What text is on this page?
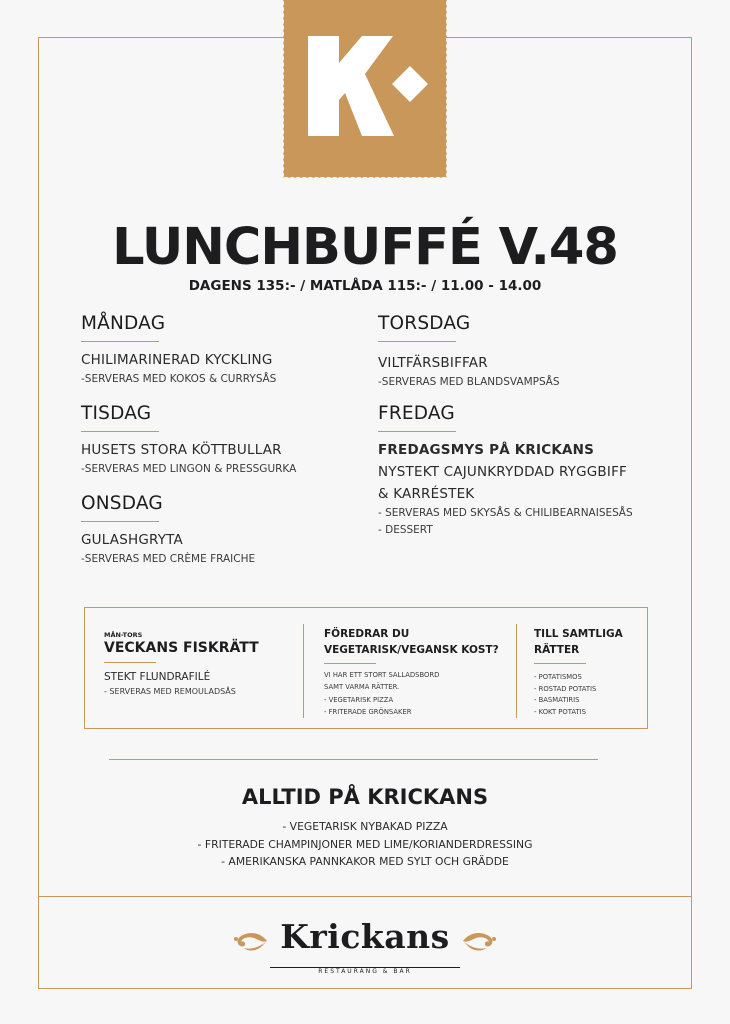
LUNCHBUFFÉ V.48
DAGENS 135:- / MATLÅDA 115:- / 11.00 - 14.00
MÅNDAG
CHILIMARINERAD KYCKLING
-SERVERAS MED KOKOS & CURRYSÅS
TISDAG
HUSETS STORA KÖTTBULLAR
-SERVERAS MED LINGON & PRESSGURKA
ONSDAG
GULASHGRYTA
-SERVERAS MED CRÈME FRAICHE
TORSDAG
VILTFÄRSBIFFAR
-SERVERAS MED BLANDSVAMPSÅS
FREDAG
FREDAGSMYS PÅ KRICKANS
NYSTEKT CAJUNKRYDDAD RYGGBIFF
& KARRÉSTEK
- SERVERAS MED SKYSÅS & CHILIBEARNAISESÅS
- DESSERT
MÅN-TORS
VECKANS FISKRÄTT
STEKT FLUNDRAFILÉ
- SERVERAS MED REMOULADSÅS
FÖREDRAR DU
VEGETARISK/VEGANSK KOST?
VI HAR ETT STORT SALLADSBORD
SAMT VARMA RÄTTER.
- VEGETARISK PIZZA
- FRITERADE GRÖNSAKER
TILL SAMTLIGA
RÄTTER
- POTATISMOS
- ROSTAD POTATIS
- BASMATIRIS
- KOKT POTATIS
ALLTID PÅ KRICKANS
- VEGETARISK NYBAKAD PIZZA
- FRITERADE CHAMPINJONER MED LIME/KORIANDERDRESSING
- AMERIKANSKA PANNKAKOR MED SYLT OCH GRÄDDE
Krickans
RESTAURANG & BAR
